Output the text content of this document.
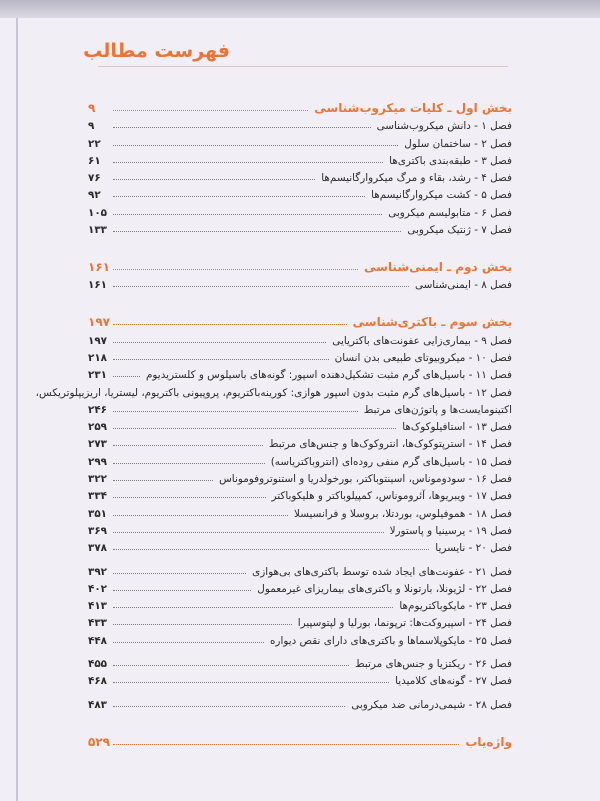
فهرست مطالب
بخش اول ـ کلیات میکروب‌شناسی
۹
فصل ۱ - دانش میکروب‌شناسی
۹
فصل ۲ - ساختمان سلول
۲۲
فصل ۳ - طبقه‌بندی باکتری‌ها
۶۱
فصل ۴ - رشد، بقاء و مرگ میکروارگانیسم‌ها
۷۶
فصل ۵ - کشت میکروارگانیسم‌ها
۹۲
فصل ۶ - متابولیسم میکروبی
۱۰۵
فصل ۷ - ژنتیک میکروبی
۱۳۳
بخش دوم ـ ایمنی‌شناسی
۱۶۱
فصل ۸ - ایمنی‌شناسی
۱۶۱
بخش سوم ـ باکتری‌شناسی
۱۹۷
فصل ۹ - بیماری‌زایی عفونت‌های باکتریایی
۱۹۷
فصل ۱۰ - میکروبیوتای طبیعی بدن انسان
۲۱۸
فصل ۱۱ - باسیل‌های گرم مثبت تشکیل‌دهنده اسپور: گونه‌های باسیلوس و کلستریدیوم
۲۳۱
فصل ۱۲ - باسیل‌های گرم مثبت بدون اسپور هوازی: کورینه‌باکتریوم، پروپیونی باکتریوم، لیستریا، اریزیپلوتریکس،
اکتینومایست‌ها و پاتوژن‌های مرتبط
۲۴۶
فصل ۱۳ - استافیلوکوک‌ها
۲۵۹
فصل ۱۴ - استرپتوکوک‌ها، انتروکوک‌ها و جنس‌های مرتبط
۲۷۳
فصل ۱۵ - باسیل‌های گرم منفی روده‌ای (انتروباکتریاسه)
۲۹۹
فصل ۱۶ - سودوموناس، اسینتوباکتر، بورخولدریا و استنوتروفوموناس
۳۲۲
فصل ۱۷ - ویبریوها، آئروموناس، کمپیلوباکتر و هلیکوباکتر
۳۳۴
فصل ۱۸ - هموفیلوس، بوردتلا، بروسلا و فرانسیسلا
۳۵۱
فصل ۱۹ - یرسینیا و پاستورلا
۳۶۹
فصل ۲۰ - نایسریا
۳۷۸
فصل ۲۱ - عفونت‌های ایجاد شده توسط باکتری‌های بی‌هوازی
۳۹۲
فصل ۲۲ - لژیونلا، بارتونلا و باکتری‌های بیماریزای غیرمعمول
۴۰۲
فصل ۲۳ - مایکوباکتریوم‌ها
۴۱۳
فصل ۲۴ - اسپیروکت‌ها: ترپونما، بورلیا و لپتوسپیرا
۴۳۳
فصل ۲۵ - مایکوپلاسماها و باکتری‌های دارای نقص دیواره
۴۴۸
فصل ۲۶ - ریکتزیا و جنس‌های مرتبط
۴۵۵
فصل ۲۷ - گونه‌های کلامیدیا
۴۶۸
فصل ۲۸ - شیمی‌درمانی ضد میکروبی
۴۸۳
واژه‌یاب
۵۲۹
